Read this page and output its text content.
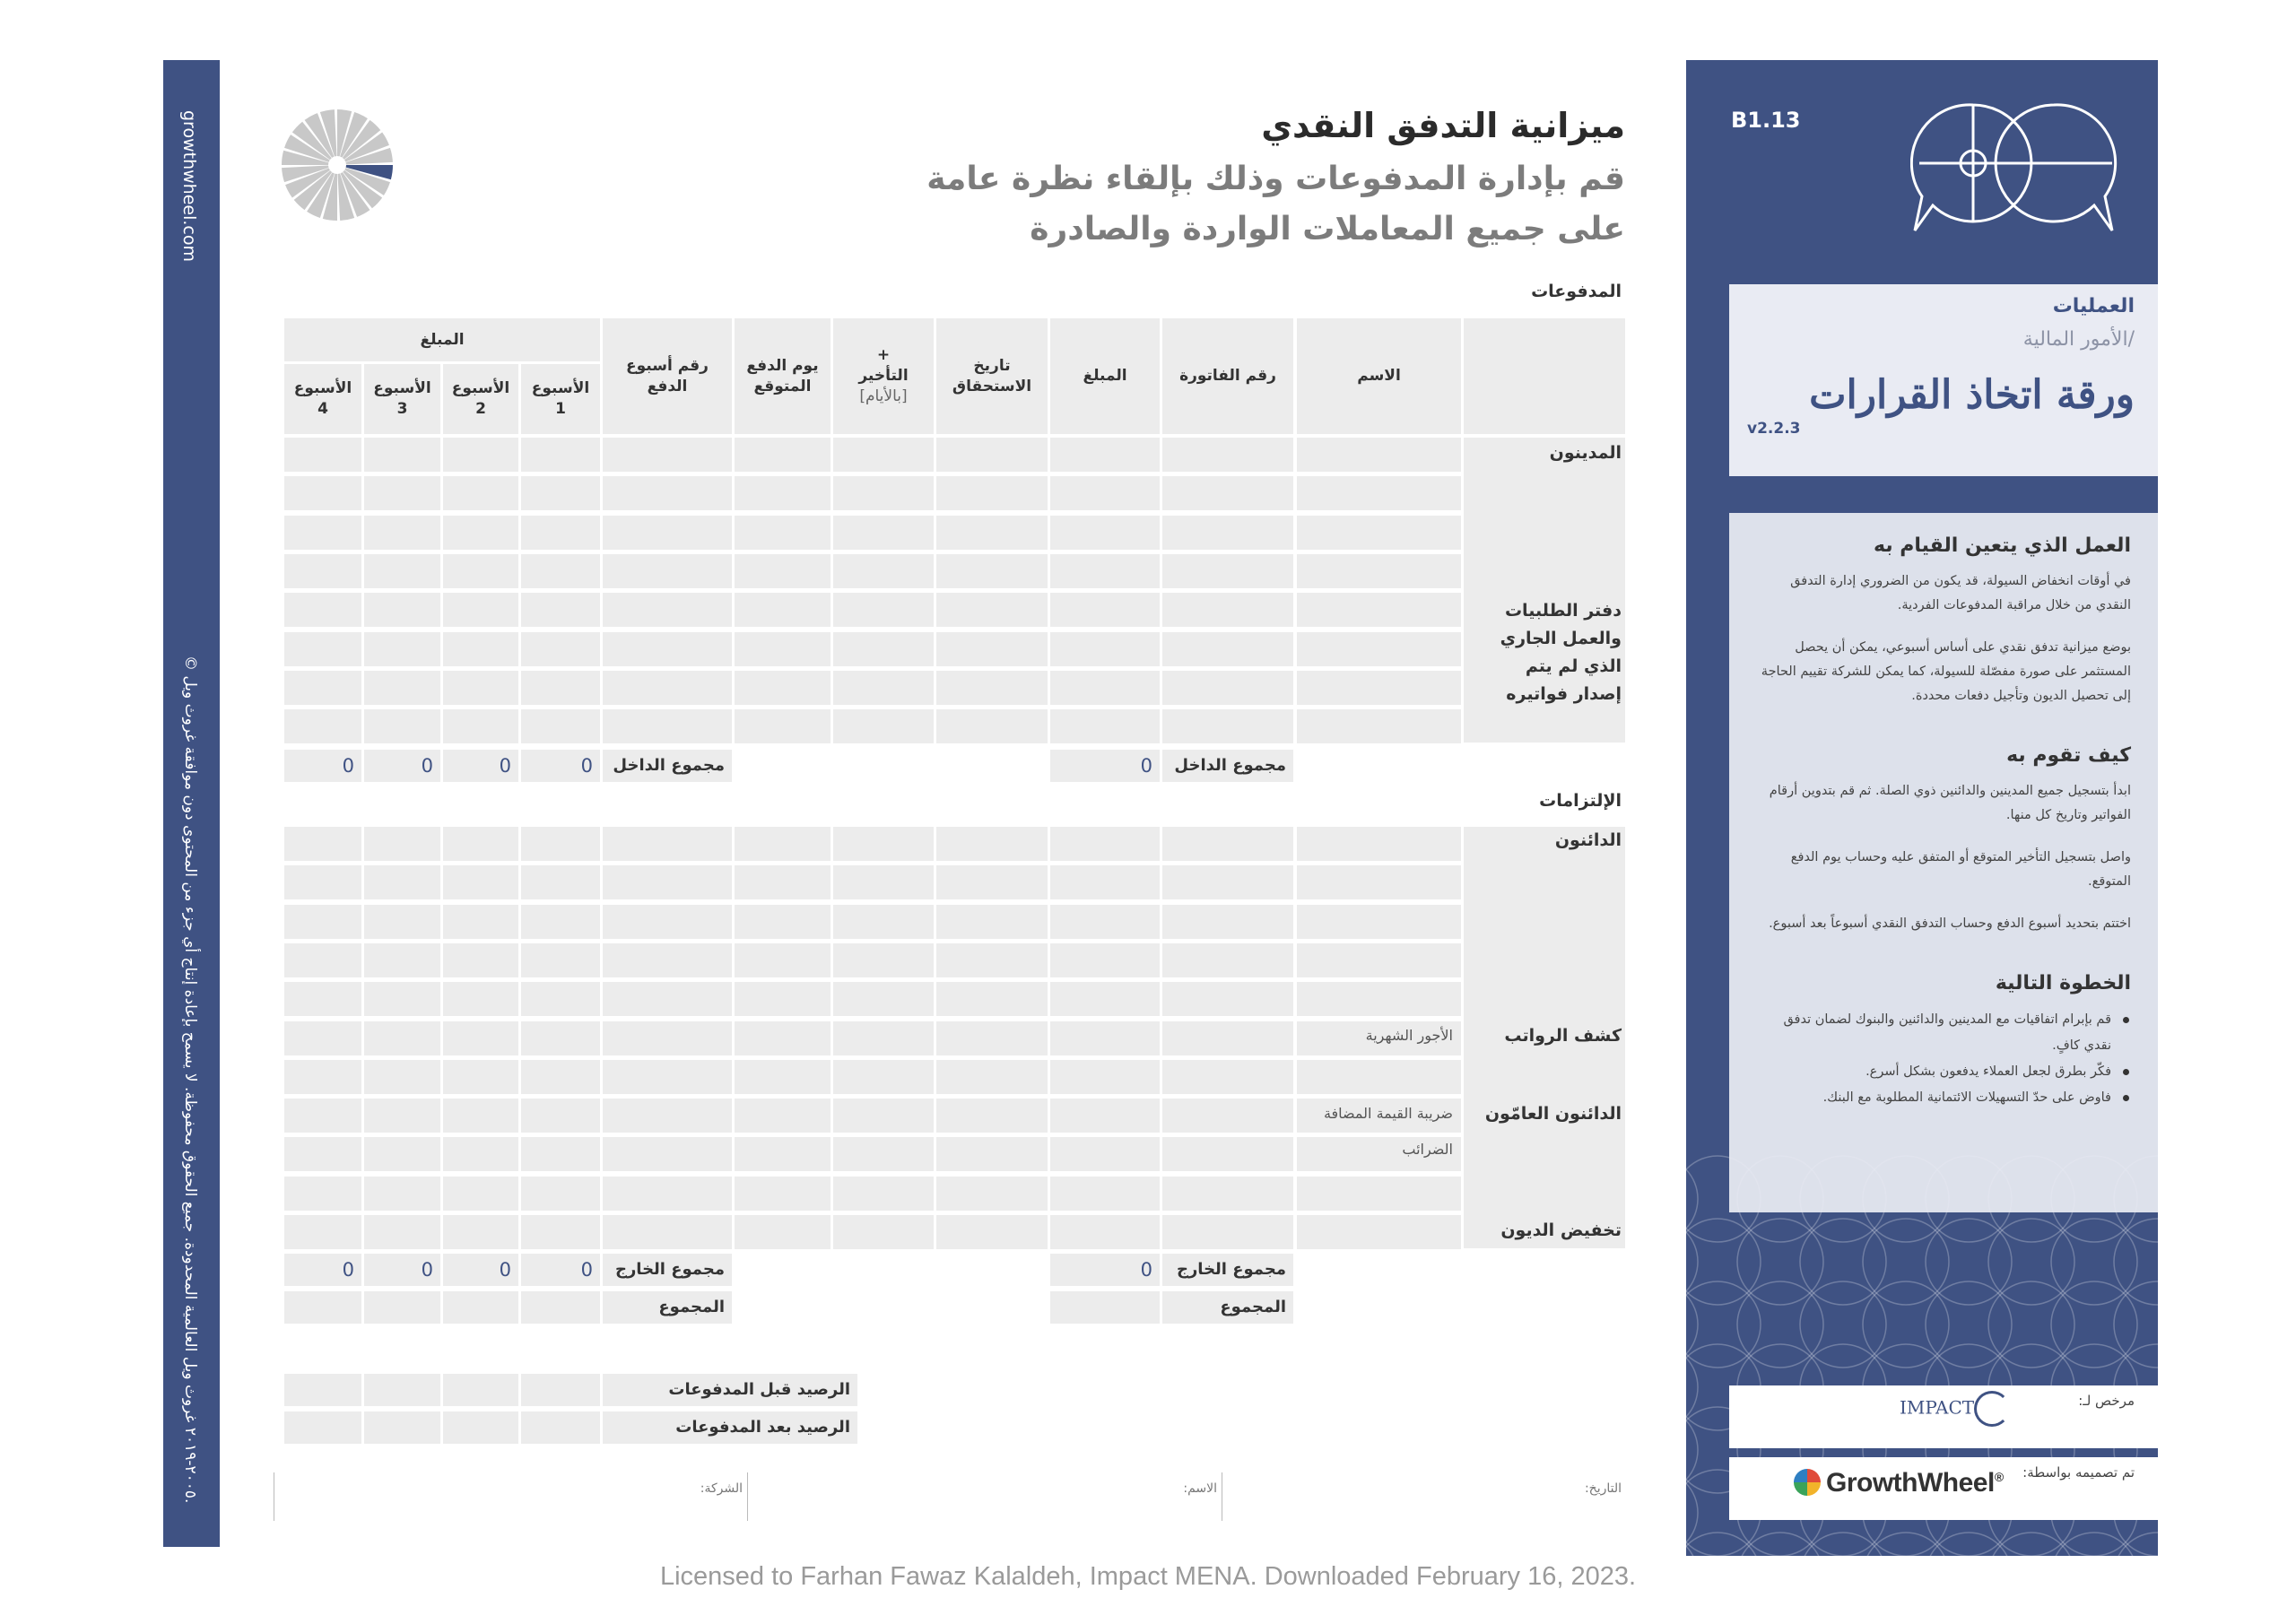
growthwheel.com
© ٢٠٠٥-٢٠١٩ غروث ويل العالمية المحدودة. جميع الحقوق محفوظة. لا يسمح بإعادة إنتاج أي جزء من المحتوى دون موافقة غروث ويل.
ميزانية التدفق النقدي
قم بإدارة المدفوعات وذلك بإلقاء نظرة عامة
على جميع المعاملات الواردة والصادرة
المدفوعات
الاسم
رقم الفاتورة
المبلغ
تاريخ الاستحقاق
+
التأخير
[بالأيام]
يوم الدفع المتوقع
رقم أسبوع الدفع
المبلغ
الأسبوع 1
الأسبوع 2
الأسبوع 3
الأسبوع 4
المدينون
دفتر الطلبيات والعمل الجاري الذي لم يتم إصدار فواتيره
الإلتزامات
الدائنون
كشف الرواتب
الدائنون العامّون
تخفيض الديون
الأجور الشهرية
ضريبة القيمة المضافة
الضرائب
مجموع الداخل
0
مجموع الداخل
0
0
0
0
مجموع الخارج
0
مجموع الخارج
0
0
0
0
المجموع
المجموع
الرصيد قبل المدفوعات
الرصيد بعد المدفوعات
التاريخ:
الاسم:
الشركة:
B1.13
العمليات
/الأمور المالية
ورقة اتخاذ القرارات
v2.2.3
العمل الذي يتعين القيام به
في أوقات انخفاض السيولة، قد يكون من الضروري إدارة التدفق النقدي من خلال مراقبة المدفوعات الفردية.
بوضع ميزانية تدفق نقدي على أساس أسبوعي، يمكن أن يحصل المستثمر على صورة مفصّلة للسيولة، كما يمكن للشركة تقييم الحاجة إلى تحصيل الديون وتأجيل دفعات محددة.
كيف تقوم به
ابدأ بتسجيل جميع المدينين والدائنين ذوي الصلة. ثم قم بتدوين أرقام الفواتير وتاريخ كل منها.
واصل بتسجيل التأخير المتوقع أو المتفق عليه وحساب يوم الدفع المتوقع.
اختتم بتحديد أسبوع الدفع وحساب التدفق النقدي أسبوعاً بعد أسبوع.
الخطوة التالية
قم بإبرام اتفاقيات مع المدينين والدائنين والبنوك لضمان تدفق نقدي كافٍ.
فكّر بطرق لجعل العملاء يدفعون بشكل أسرع.
فاوض على حدّ التسهيلات الائتمانية المطلوبة مع البنك.
مرخص لـ:
IMPACT
تم تصميمه بواسطة:
GrowthWheel®
Licensed to Farhan Fawaz Kalaldeh, Impact MENA. Downloaded February 16, 2023.
